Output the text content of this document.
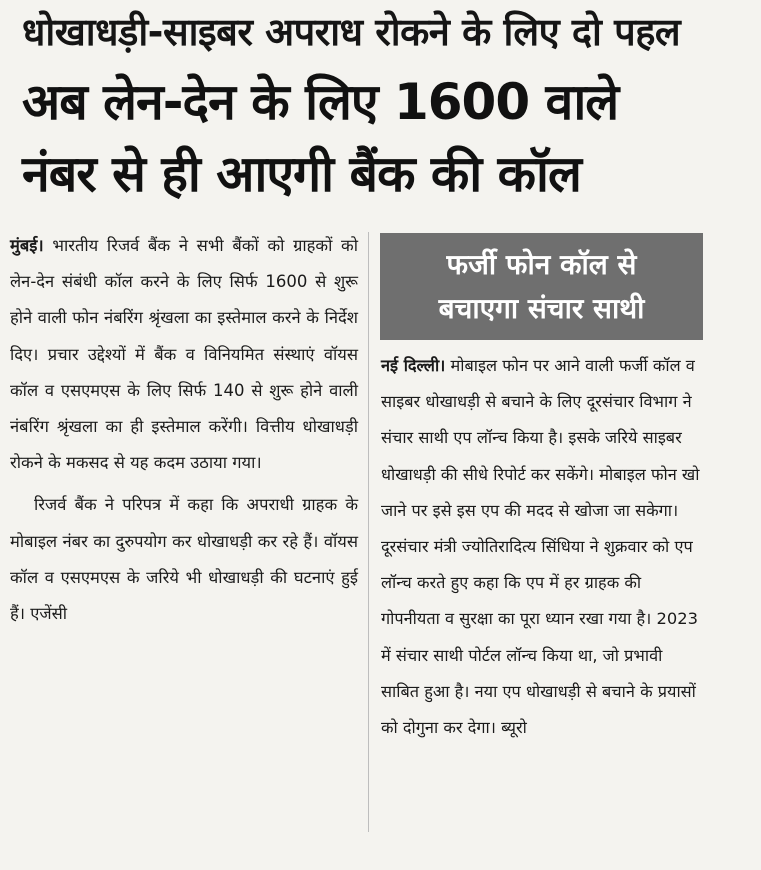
धोखाधड़ी-साइबर अपराध रोकने के लिए दो पहल
अब लेन-देन के लिए 1600 वाले
नंबर से ही आएगी बैंक की कॉल

मुंबई। भारतीय रिजर्व बैंक ने सभी बैंकों को ग्राहकों को लेन-देन संबंधी कॉल करने के लिए सिर्फ 1600 से शुरू होने वाली फोन नंबरिंग श्रृंखला का इस्तेमाल करने के निर्देश दिए। प्रचार उद्देश्यों में बैंक व विनियमित संस्थाएं वॉयस कॉल व एसएमएस के लिए सिर्फ 140 से शुरू होने वाली नंबरिंग श्रृंखला का ही इस्तेमाल करेंगी। वित्तीय धोखाधड़ी रोकने के मकसद से यह कदम उठाया गया।

रिजर्व बैंक ने परिपत्र में कहा कि अपराधी ग्राहक के मोबाइल नंबर का दुरुपयोग कर धोखाधड़ी कर रहे हैं। वॉयस कॉल व एसएमएस के जरिये भी धोखाधड़ी की घटनाएं हुई हैं। एजेंसी

फर्जी फोन कॉल से
बचाएगा संचार साथी

नई दिल्ली। मोबाइल फोन पर आने वाली फर्जी कॉल व साइबर धोखाधड़ी से बचाने के लिए दूरसंचार विभाग ने संचार साथी एप लॉन्च किया है। इसके जरिये साइबर धोखाधड़ी की सीधे रिपोर्ट कर सकेंगे। मोबाइल फोन खो जाने पर इसे इस एप की मदद से खोजा जा सकेगा। दूरसंचार मंत्री ज्योतिरादित्य सिंधिया ने शुक्रवार को एप लॉन्च करते हुए कहा कि एप में हर ग्राहक की गोपनीयता व सुरक्षा का पूरा ध्यान रखा गया है। 2023 में संचार साथी पोर्टल लॉन्च किया था, जो प्रभावी साबित हुआ है। नया एप धोखाधड़ी से बचाने के प्रयासों को दोगुना कर देगा। ब्यूरो
